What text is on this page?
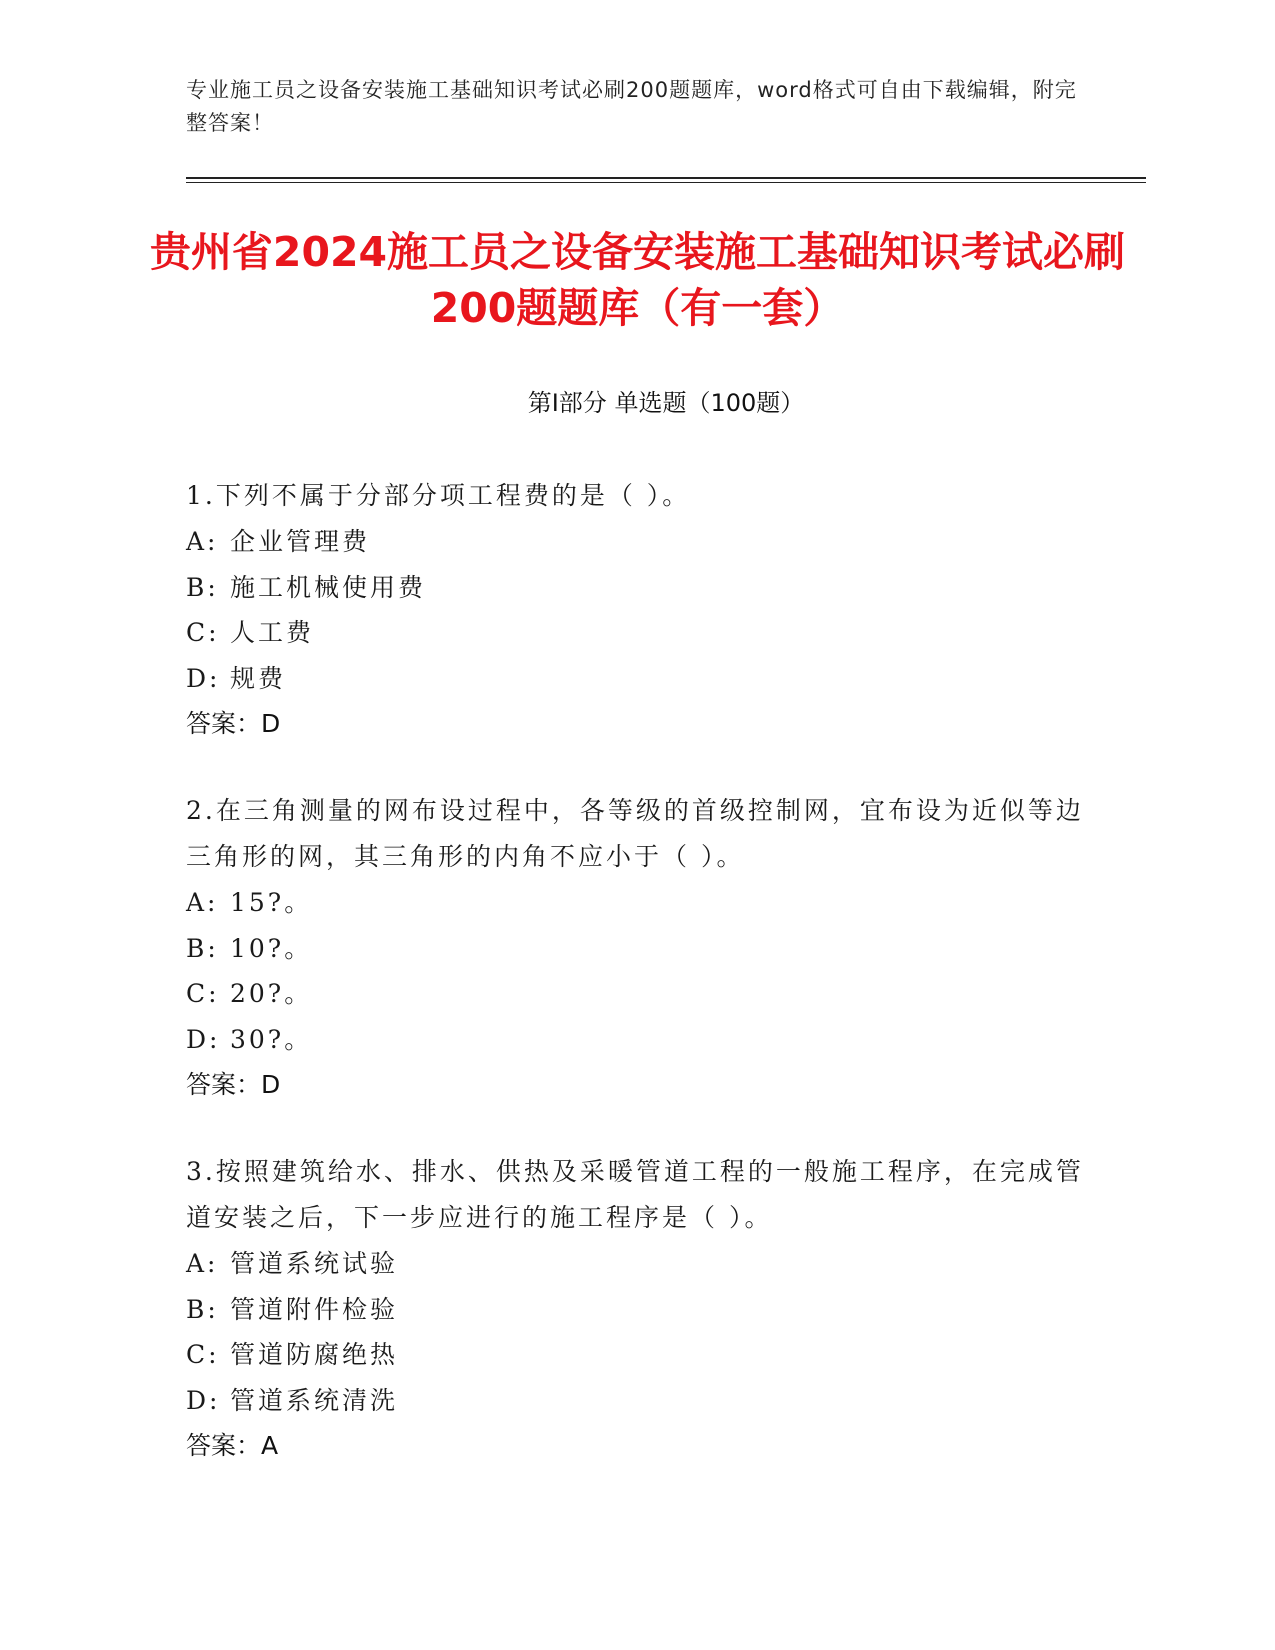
专业施工员之设备安装施工基础知识考试必刷200题题库，word格式可自由下载编辑，附完整答案！
贵州省2024施工员之设备安装施工基础知识考试必刷200题题库（有一套）
第I部分 单选题（100题）

1.下列不属于分部分项工程费的是（ ）。

A: 企业管理费
B: 施工机械使用费
C: 人工费
D: 规费
答案：D

2.在三角测量的网布设过程中，各等级的首级控制网，宜布设为近似等边三角形的网，其三角形的内角不应小于（ ）。

A: 15?。
B: 10?。
C: 20?。
D: 30?。
答案：D

3.按照建筑给水、排水、供热及采暖管道工程的一般施工程序，在完成管道安装之后，下一步应进行的施工程序是（ ）。

A: 管道系统试验
B: 管道附件检验
C: 管道防腐绝热
D: 管道系统清洗
答案：A
